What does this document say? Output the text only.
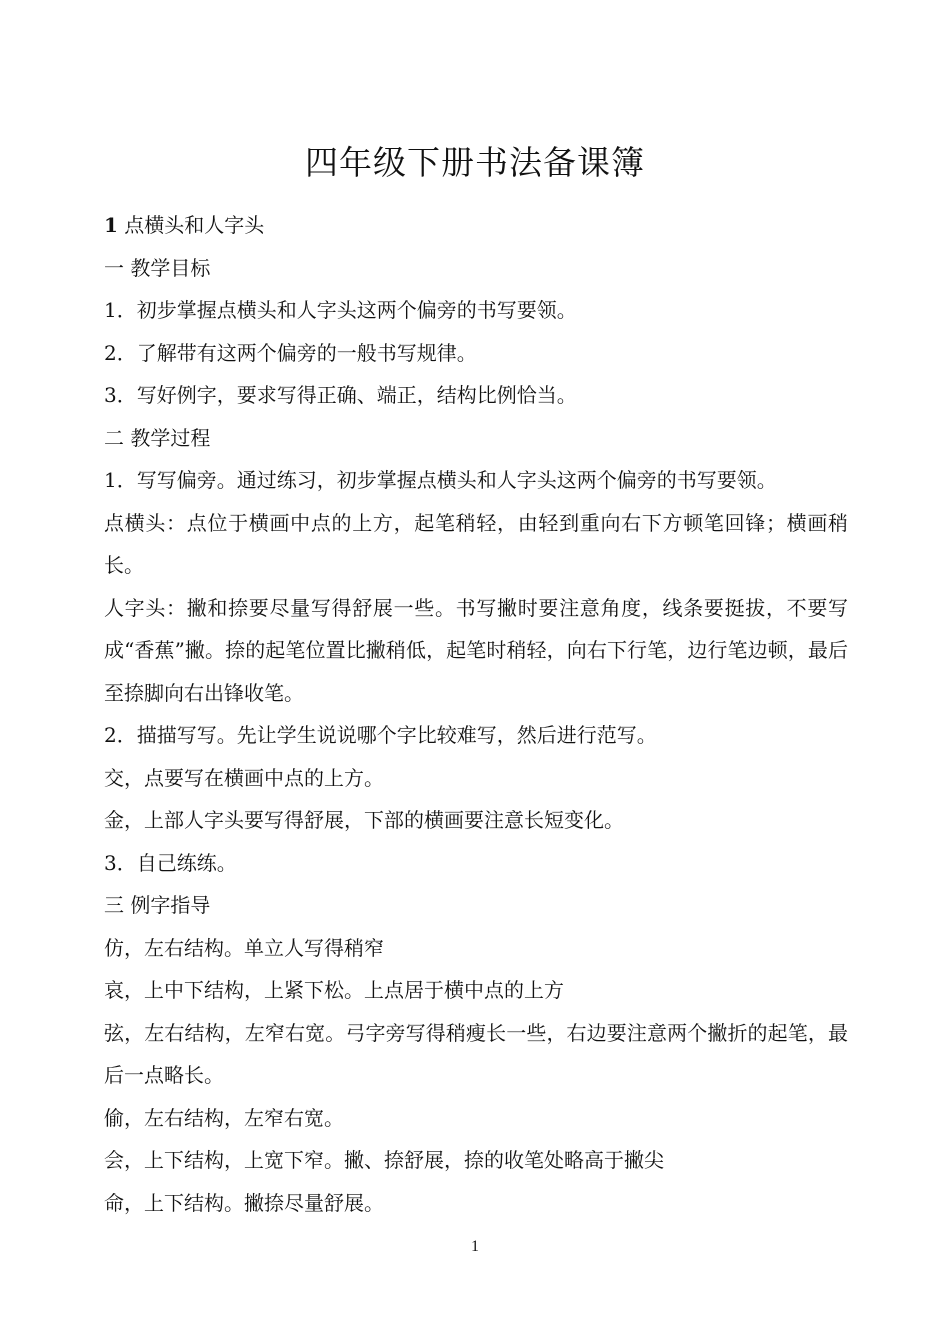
四年级下册书法备课簿

1 点横头和人字头

一 教学目标

1．初步掌握点横头和人字头这两个偏旁的书写要领。

2．了解带有这两个偏旁的一般书写规律。

3．写好例字，要求写得正确、端正，结构比例恰当。

二 教学过程

1．写写偏旁。通过练习，初步掌握点横头和人字头这两个偏旁的书写要领。

点横头：点位于横画中点的上方，起笔稍轻，由轻到重向右下方顿笔回锋；横画稍长。

人字头：撇和捺要尽量写得舒展一些。书写撇时要注意角度，线条要挺拔，不要写成“香蕉”撇。捺的起笔位置比撇稍低，起笔时稍轻，向右下行笔，边行笔边顿，最后至捺脚向右出锋收笔。

2．描描写写。先让学生说说哪个字比较难写，然后进行范写。

交，点要写在横画中点的上方。

金，上部人字头要写得舒展，下部的横画要注意长短变化。

3．自己练练。

三 例字指导

仿，左右结构。单立人写得稍窄

哀，上中下结构，上紧下松。上点居于横中点的上方

弦，左右结构，左窄右宽。弓字旁写得稍瘦长一些，右边要注意两个撇折的起笔，最后一点略长。

偷，左右结构，左窄右宽。

会，上下结构，上宽下窄。撇、捺舒展，捺的收笔处略高于撇尖

命，上下结构。撇捺尽量舒展。

1
